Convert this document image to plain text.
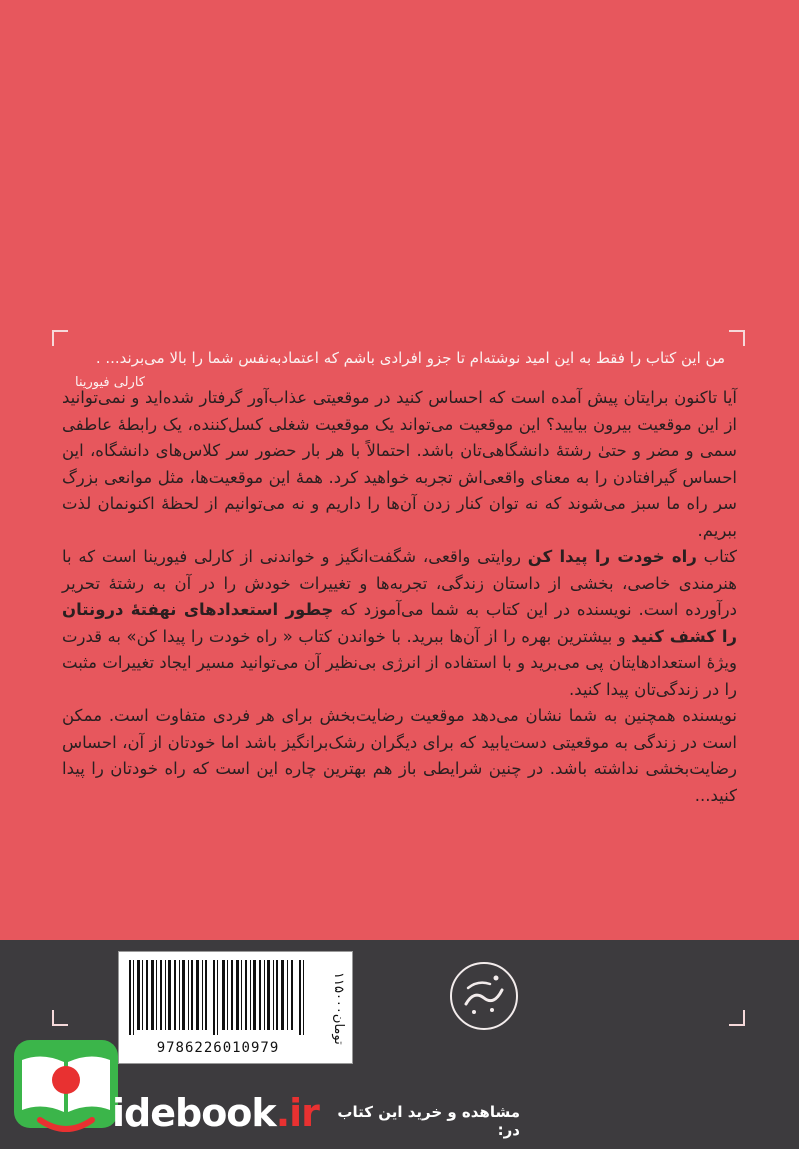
من این کتاب را فقط به این امید نوشته‌ام تا جزو افرادی باشم که اعتمادبه‌نفس شما را بالا می‌برند... .
کارلی فیورینا

آیا تاکنون برایتان پیش آمده است که احساس کنید در موقعیتی عذاب‌آور گرفتار شده‌اید و نمی‌توانید از این موقعیت بیرون بیایید؟ این موقعیت می‌تواند یک موقعیت شغلی کسل‌کننده، یک رابطهٔ عاطفی سمی و مضر و حتیٰ رشتهٔ دانشگاهی‌تان باشد. احتمالاً با هر بار حضور سر کلاس‌های دانشگاه، این احساس گیرافتادن را به معنای واقعی‌اش تجربه خواهید کرد. همهٔ این موقعیت‌ها، مثل موانعی بزرگ سر راه ما سبز می‌شوند که نه توان کنار زدن آن‌ها را داریم و نه می‌توانیم از لحظهٔ اکنونمان لذت ببریم.

کتاب راه خودت را پیدا کن روایتی واقعی، شگفت‌انگیز و خواندنی از کارلی فیورینا است که با هنرمندی خاصی، بخشی از داستان زندگی، تجربه‌ها و تغییرات خودش را در آن به رشتهٔ تحریر درآورده است. نویسنده در این کتاب به شما می‌آموزد که چطور استعدادهای نهفتهٔ درونتان را کشف کنید و بیشترین بهره را از آن‌ها ببرید. با خواندن کتاب « راه خودت را پیدا کن» به قدرت ویژهٔ استعدادهایتان پی می‌برید و با استفاده از انرژی بی‌نظیر آن می‌توانید مسیر ایجاد تغییرات مثبت را در زندگی‌تان پیدا کنید.

نویسنده همچنین به شما نشان می‌دهد موقعیت رضایت‌بخش برای هر فردی متفاوت است. ممکن است در زندگی به موقعیتی دست‌یابید که برای دیگران رشک‌برانگیز باشد اما خودتان از آن، احساس رضایت‌بخشی نداشته باشد. در چنین شرایطی باز هم بهترین چاره این است که راه خودتان را پیدا کنید...

9786226010979
۱۱۵۰۰۰تومان
idebook.ir	مشاهده و خرید این کتاب در:
